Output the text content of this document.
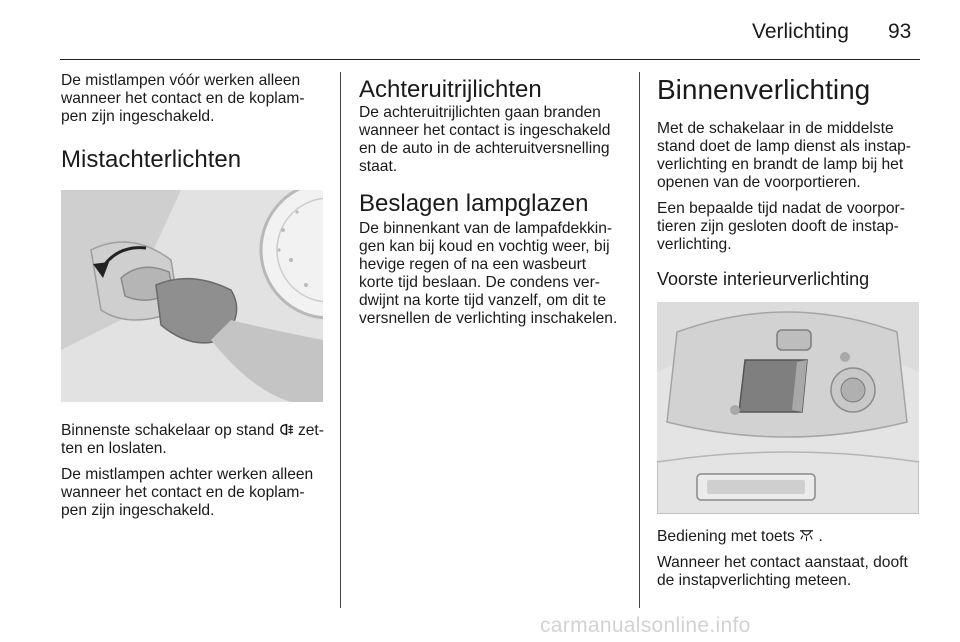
Verlichting 93

De mistlampen vóór werken alleen wanneer het contact en de koplam-pen zijn ingeschakeld.

Mistachterlichten

Binnenste schakelaar op stand zet-ten en loslaten.

De mistlampen achter werken alleen wanneer het contact en de koplam-pen zijn ingeschakeld.

Achteruitrijlichten

De achteruitrijlichten gaan branden wanneer het contact is ingeschakeld en de auto in de achteruitversnelling staat.

Beslagen lampglazen

De binnenkant van de lampafdekkin-gen kan bij koud en vochtig weer, bij hevige regen of na een wasbeurt korte tijd beslaan. De condens ver-dwijnt na korte tijd vanzelf, om dit te versnellen de verlichting inschakelen.

Binnenverlichting

Met de schakelaar in de middelste stand doet de lamp dienst als instap-verlichting en brandt de lamp bij het openen van de voorportieren.

Een bepaalde tijd nadat de voorpor-tieren zijn gesloten dooft de instap-verlichting.

Voorste interieurverlichting

Bediening met toets .

Wanneer het contact aanstaat, dooft de instapverlichting meteen.

carmanualsonline.info
